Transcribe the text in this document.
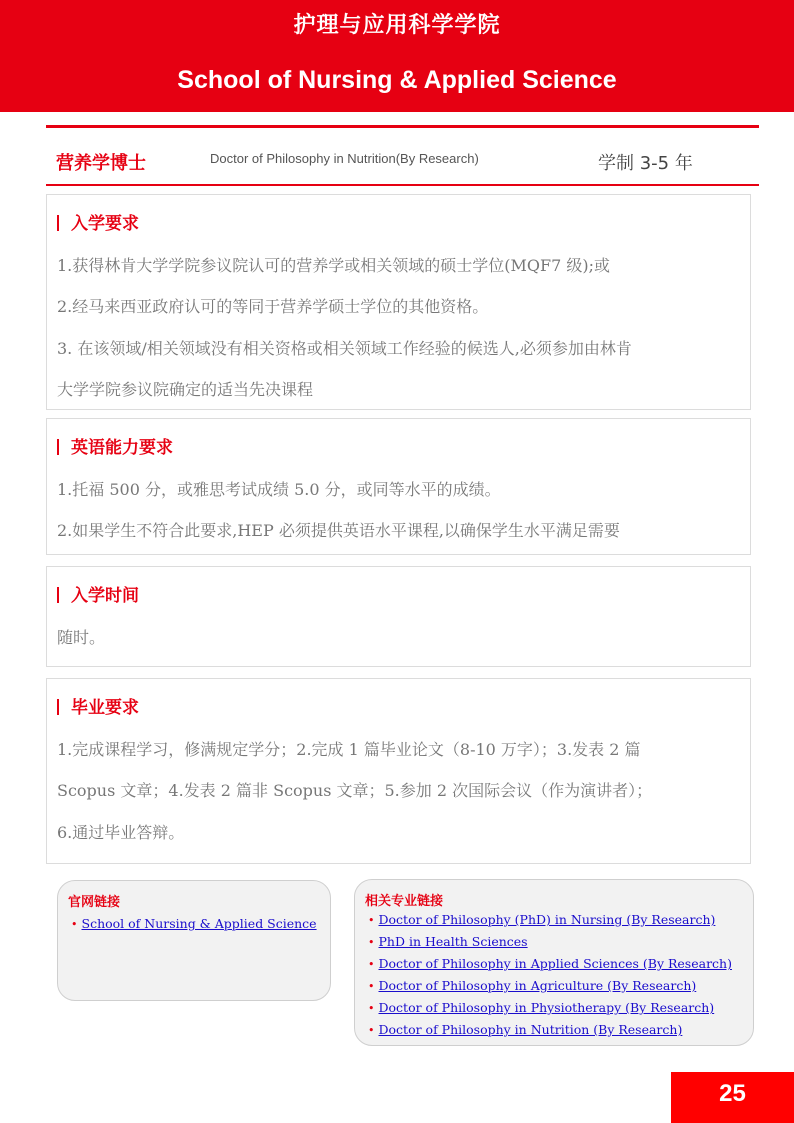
护理与应用科学学院
School of Nursing & Applied Science
营养学博士	Doctor of Philosophy in Nutrition(By Research)	学制 3-5 年
入学要求
1.获得林肯大学学院参议院认可的营养学或相关领域的硕士学位(MQF7 级);或
2.经马来西亚政府认可的等同于营养学硕士学位的其他资格。
3. 在该领域/相关领域没有相关资格或相关领域工作经验的候选人,必须参加由林肯
大学学院参议院确定的适当先决课程
英语能力要求
1.托福 500 分，或雅思考试成绩 5.0 分，或同等水平的成绩。
2.如果学生不符合此要求,HEP 必须提供英语水平课程,以确保学生水平满足需要
入学时间
随时。
毕业要求
1.完成课程学习，修满规定学分；2.完成 1 篇毕业论文（8-10 万字）；3.发表 2 篇
Scopus 文章；4.发表 2 篇非 Scopus 文章；5.参加 2 次国际会议（作为演讲者）；
6.通过毕业答辩。
官网链接
• School of Nursing & Applied Science
相关专业链接
• Doctor of Philosophy (PhD) in Nursing (By Research)
• PhD in Health Sciences
• Doctor of Philosophy in Applied Sciences (By Research)
• Doctor of Philosophy in Agriculture (By Research)
• Doctor of Philosophy in Physiotherapy (By Research)
• Doctor of Philosophy in Nutrition (By Research)
25
